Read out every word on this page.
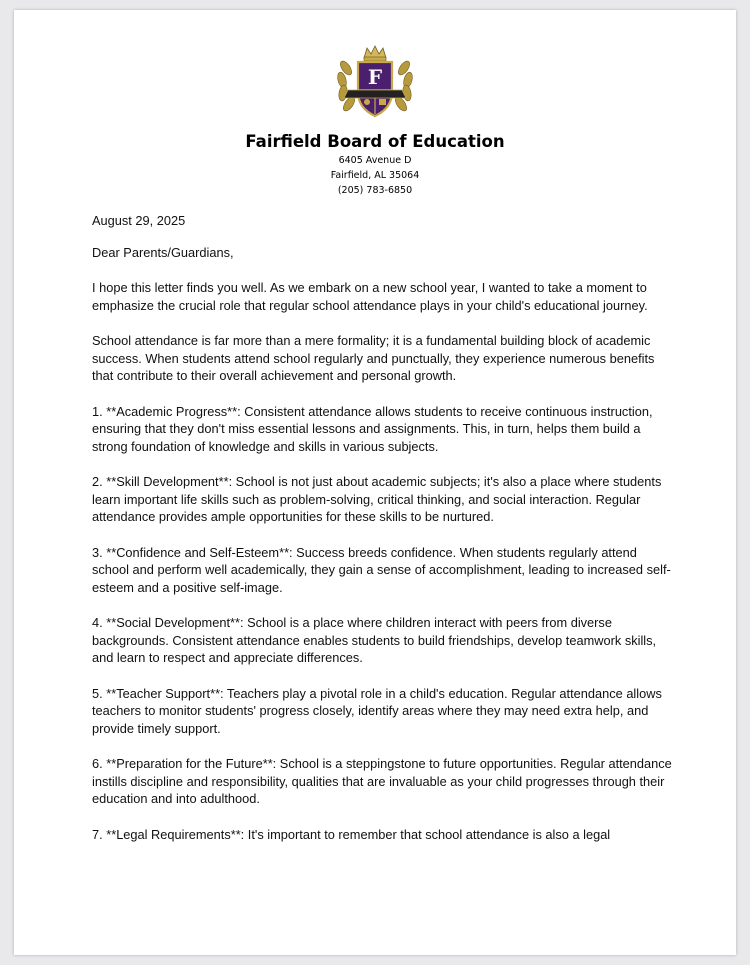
F
Fairfield Board of Education
6405 Avenue D
Fairfield, AL 35064
(205) 783-6850

August 29, 2025

Dear Parents/Guardians,

I hope this letter finds you well. As we embark on a new school year, I wanted to take a moment to emphasize the crucial role that regular school attendance plays in your child's educational journey.

School attendance is far more than a mere formality; it is a fundamental building block of academic success. When students attend school regularly and punctually, they experience numerous benefits that contribute to their overall achievement and personal growth.

1. **Academic Progress**: Consistent attendance allows students to receive continuous instruction, ensuring that they don't miss essential lessons and assignments. This, in turn, helps them build a strong foundation of knowledge and skills in various subjects.

2. **Skill Development**: School is not just about academic subjects; it's also a place where students learn important life skills such as problem-solving, critical thinking, and social interaction. Regular attendance provides ample opportunities for these skills to be nurtured.

3. **Confidence and Self-Esteem**: Success breeds confidence. When students regularly attend school and perform well academically, they gain a sense of accomplishment, leading to increased self-esteem and a positive self-image.

4. **Social Development**: School is a place where children interact with peers from diverse backgrounds. Consistent attendance enables students to build friendships, develop teamwork skills, and learn to respect and appreciate differences.

5. **Teacher Support**: Teachers play a pivotal role in a child's education. Regular attendance allows teachers to monitor students' progress closely, identify areas where they may need extra help, and provide timely support.

6. **Preparation for the Future**: School is a steppingstone to future opportunities. Regular attendance instills discipline and responsibility, qualities that are invaluable as your child progresses through their education and into adulthood.

7. **Legal Requirements**: It's important to remember that school attendance is also a legal
